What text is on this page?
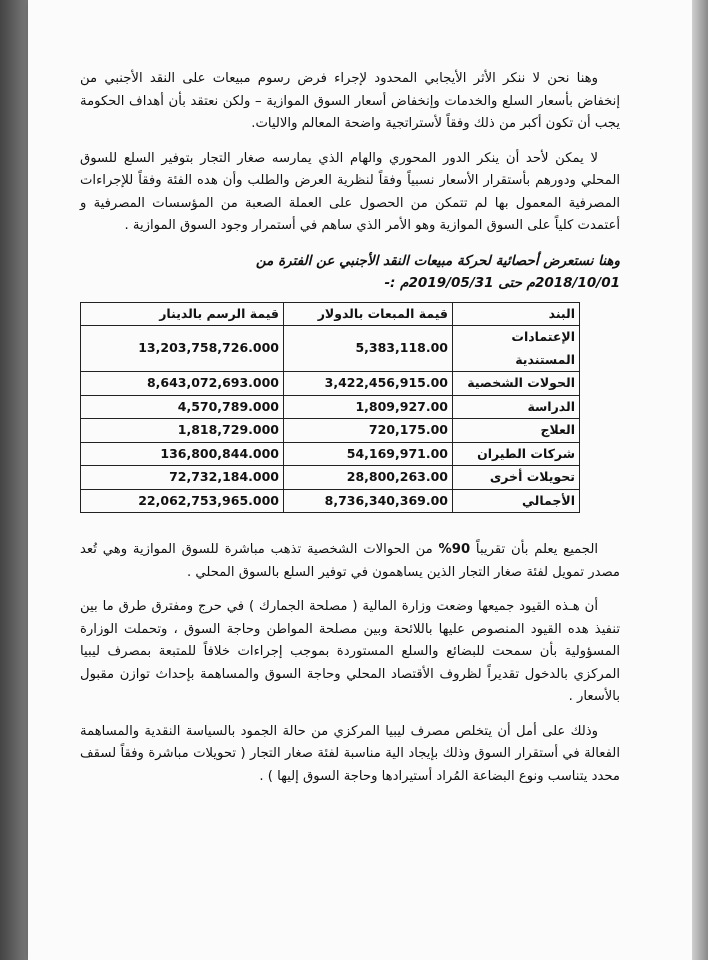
وهنا نحن لا ننكر الأثر الأيجابي المحدود لإجراء فرض رسوم مبيعات على النقد الأجنبي من إنخفاض بأسعار السلع والخدمات وإنخفاض أسعار السوق الموازية – ولكن نعتقد بأن أهداف الحكومة يجب أن تكون أكبر من ذلك وفقاً لأستراتجية واضحة المعالم والاليات.

لا يمكن لأحد أن ينكر الدور المحوري والهام الذي يمارسه صغار التجار بتوفير السلع للسوق المحلي ودورهم بأستقرار الأسعار نسبياً وفقاً لنظرية العرض والطلب وأن هده الفئة وفقاً للإجراءات المصرفية المعمول بها لم تتمكن من الحصول على العملة الصعبة من المؤسسات المصرفية و أعتمدت كلياً على السوق الموازية وهو الأمر الذي ساهم في أستمرار وجود السوق الموازية .

وهنا نستعرض أحصائية لحركة مبيعات النقد الأجنبي عن الفترة من
2018/10/01م حتى 2019/05/31م :-
البند	قيمة المبعات بالدولار	قيمة الرسم بالدينار
الإعتمادات المستندية	5,383,118.00	13,203,758,726.000
الحولات الشخصية	3,422,456,915.00	8,643,072,693.000
الدراسة	1,809,927.00	4,570,789.000
العلاج	720,175.00	1,818,729.000
شركات الطيران	54,169,971.00	136,800,844.000
تحويلات أخرى	28,800,263.00	72,732,184.000
الأجمالي	8,736,340,369.00	22,062,753,965.000

الجميع يعلم بأن تقريباً 90% من الحوالات الشخصية تذهب مباشرة للسوق الموازية وهي تُعد مصدر تمويل لفئة صغار التجار الذين يساهمون في توفير السلع بالسوق المحلي .

أن هـذه القيود جميعها وضعت وزارة المالية ( مصلحة الجمارك ) في حرج ومفترق طرق ما بين تنفيذ هده القيود المنصوص عليها باللائحة وبين مصلحة المواطن وحاجة السوق ، وتحملت الوزارة المسؤولية بأن سمحت للبضائع والسلع المستوردة بموجب إجراءات خلافاً للمتبعة بمصرف ليبيا المركزي بالدخول تقديراً لظروف الأقتصاد المحلي وحاجة السوق والمساهمة بإحداث توازن مقبول بالأسعار .

وذلك على أمل أن يتخلص مصرف ليبيا المركزي من حالة الجمود بالسياسة النقدية والمساهمة الفعالة في أستقرار السوق وذلك بإيجاد الية مناسبة لفئة صغار التجار ( تحويلات مباشرة وفقاً لسقف محدد يتناسب ونوع البضاعة المُراد أستيرادها وحاجة السوق إليها ) .
